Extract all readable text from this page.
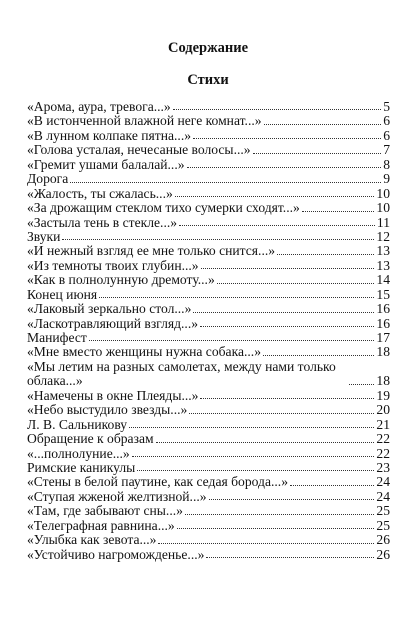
Содержание
Стихи
«Арома, аура, тревога...»	5
«В истонченной влажной неге комнат...»	6
«В лунном колпаке пятна...»	6
«Голова усталая, нечесаные волосы...»	7
«Гремит ушами балалай...»	8
Дорога	9
«Жалость, ты сжалась...»	10
«За дрожащим стеклом тихо сумерки сходят...»	10
«Застыла тень в стекле...»	11
Звуки	12
«И нежный взгляд ее мне только снится...»	13
«Из темноты твоих глубин...»	13
«Как в полнолунную дремоту...»	14
Конец июня	15
«Лаковый зеркально стол...»	16
«Ласкотравляющий взгляд...»	16
Манифест	17
«Мне вместо женщины нужна собака...»	18
«Мы летим на разных самолетах, между нами только облака...»	18
«Намечены в окне Плеяды...»	19
«Небо выстудило звезды...»	20
Л. В. Сальникову	21
Обращение к образам	22
«...полнолуние...»	22
Римские каникулы	23
«Стены в белой паутине, как седая борода...»	24
«Ступая жженой желтизной...»	24
«Там, где забывают сны...»	25
«Телеграфная равнина...»	25
«Улыбка как зевота...»	26
«Устойчиво нагроможденье...»	26
